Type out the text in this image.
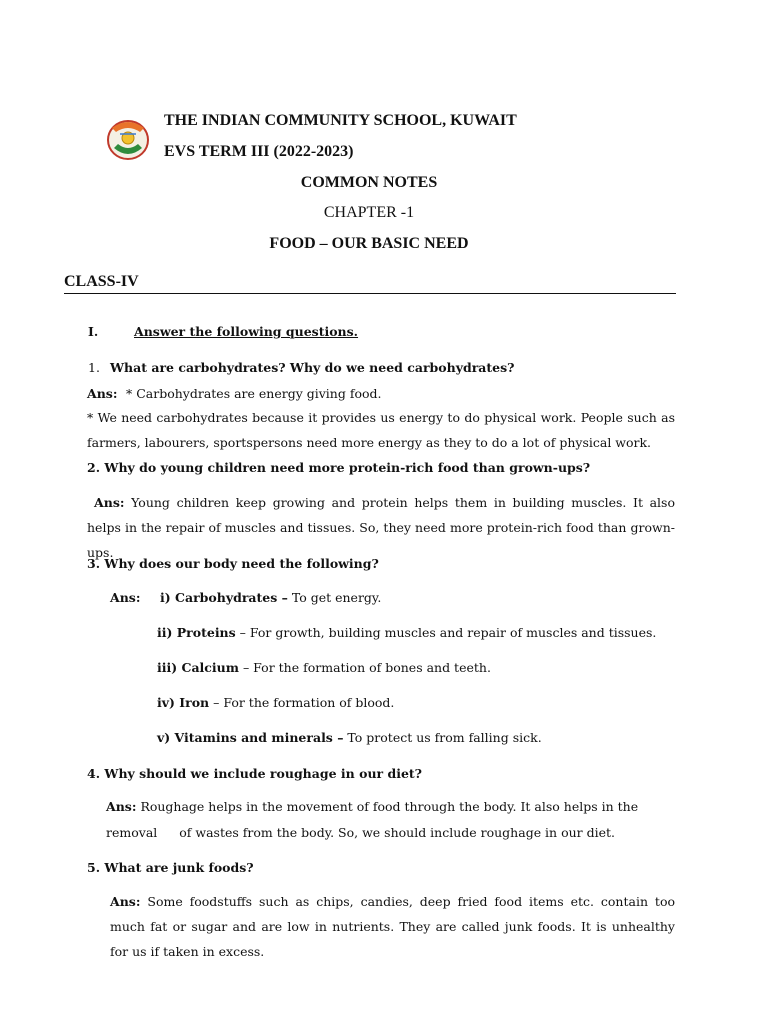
THE INDIAN COMMUNITY SCHOOL, KUWAIT
EVS TERM III (2022-2023)
COMMON NOTES
CHAPTER -1
FOOD – OUR BASIC NEED
CLASS-IV
I.	Answer the following questions.
1. What are carbohydrates? Why do we need carbohydrates?
Ans: * Carbohydrates are energy giving food.
* We need carbohydrates because it provides us energy to do physical work. People such as farmers, labourers, sportspersons need more energy as they to do a lot of physical work.
2. Why do young children need more protein-rich food than grown-ups?
Ans: Young children keep growing and protein helps them in building muscles. It also helps in the repair of muscles and tissues. So, they need more protein-rich food than grown-ups.
3. Why does our body need the following?
Ans: i) Carbohydrates – To get energy.
ii) Proteins – For growth, building muscles and repair of muscles and tissues.
iii) Calcium – For the formation of bones and teeth.
iv) Iron – For the formation of blood.
v) Vitamins and minerals – To protect us from falling sick.
4. Why should we include roughage in our diet?
Ans: Roughage helps in the movement of food through the body. It also helps in the
removal of wastes from the body. So, we should include roughage in our diet.
5. What are junk foods?
Ans: Some foodstuffs such as chips, candies, deep fried food items etc. contain too much fat or sugar and are low in nutrients. They are called junk foods. It is unhealthy for us if taken in excess.
